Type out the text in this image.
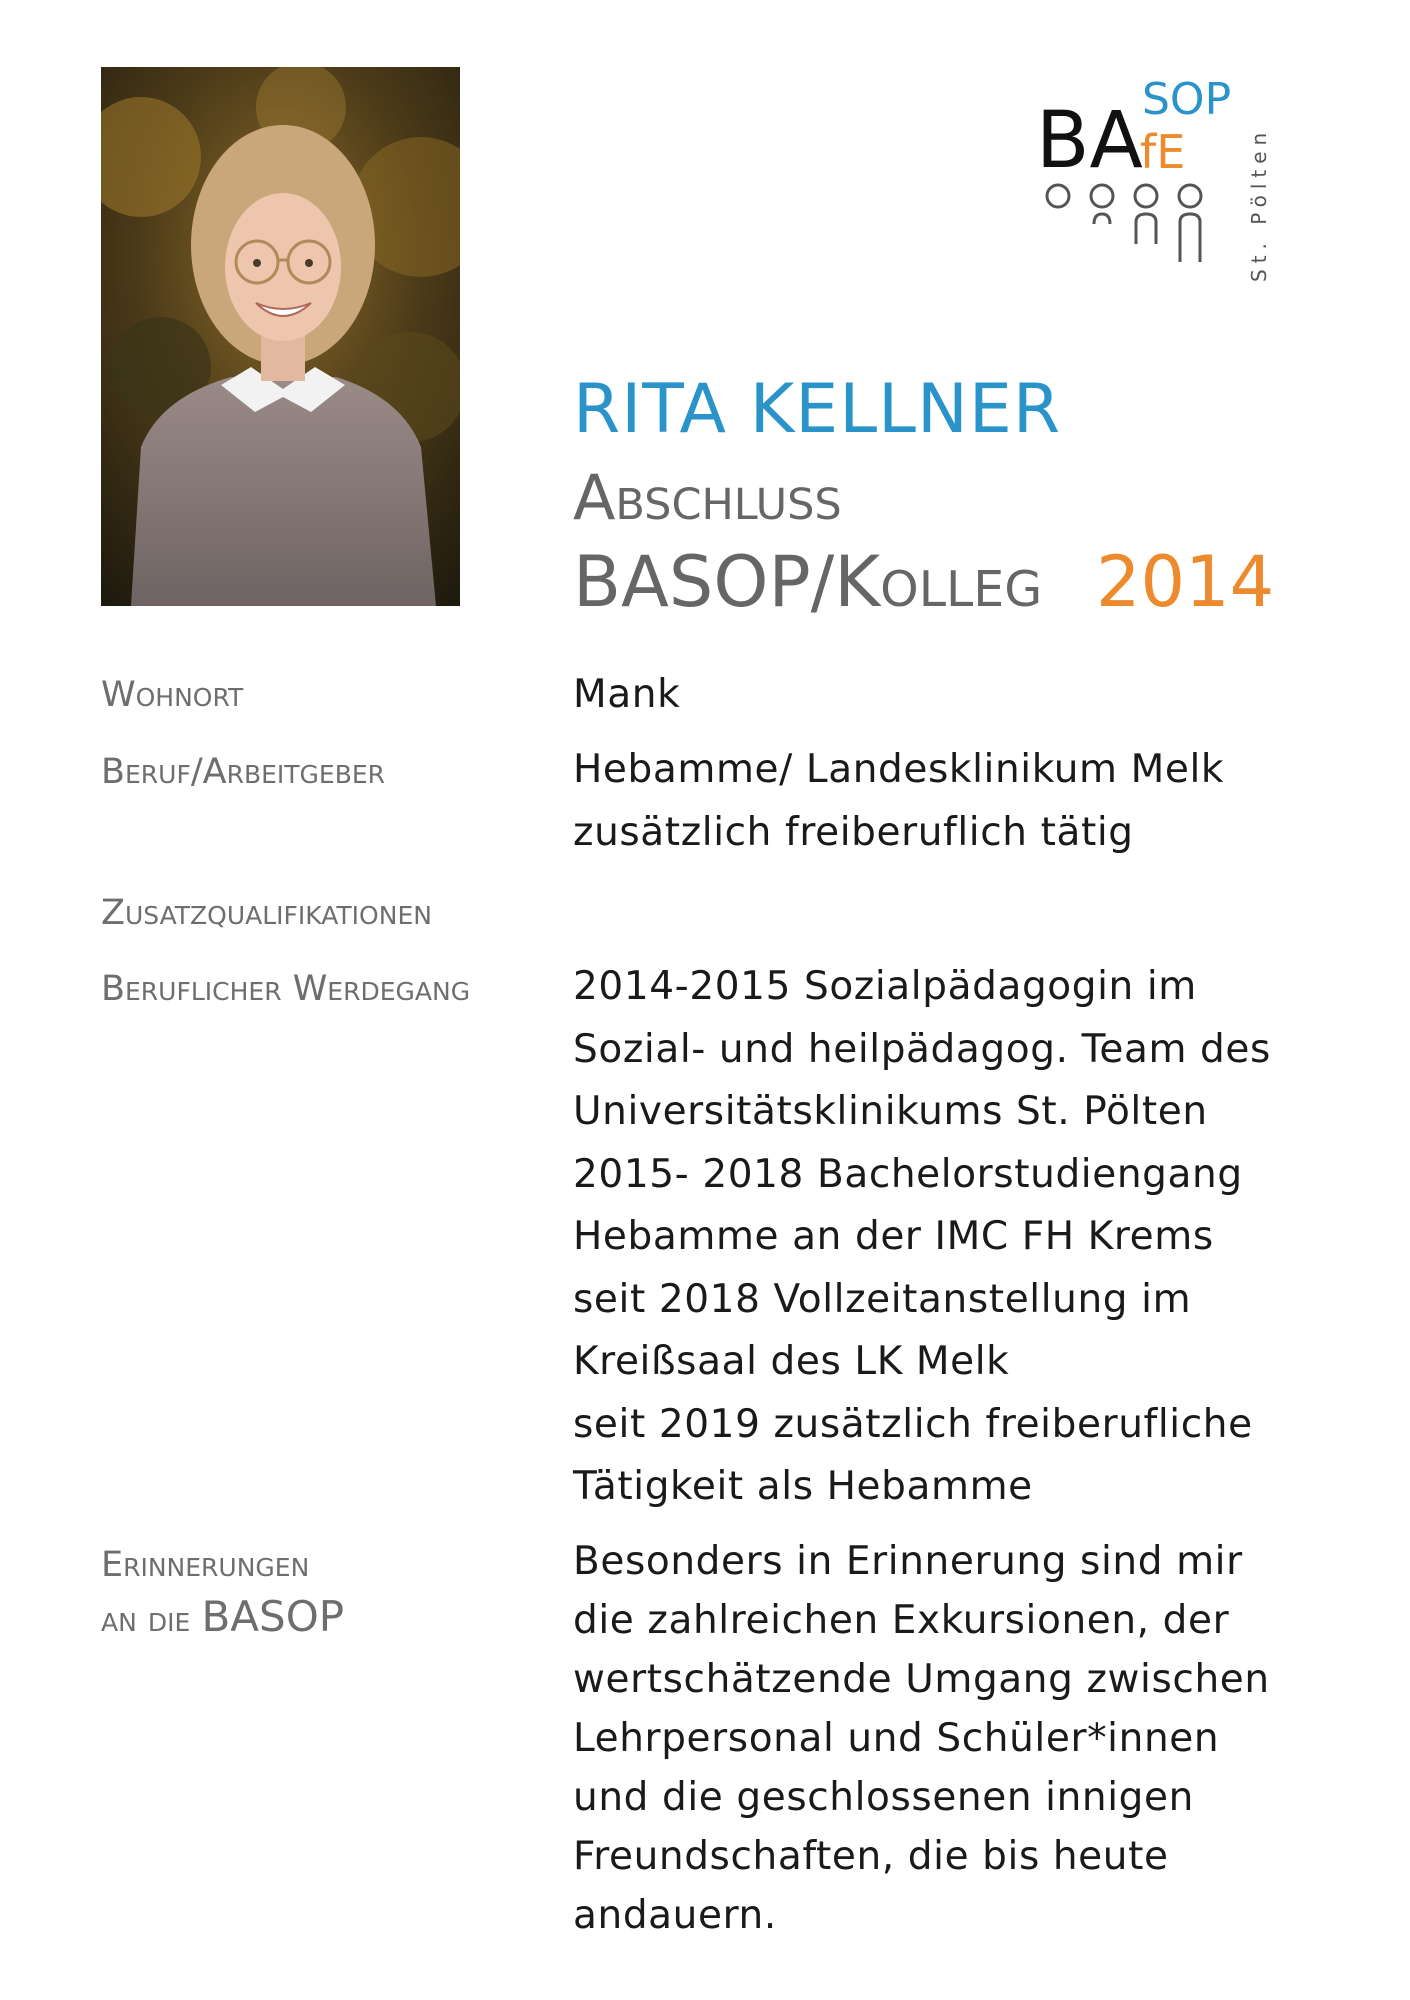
BA SOP
fE	St. Pölten
RITA KELLNER
Abschluss
BASOP/Kolleg 2014
Wohnort
Beruf/Arbeitgeber
Zusatzqualifikationen
Beruflicher Werdegang
Erinnerungen
an die BASOP
Mank
Hebamme/ Landesklinikum Melk
zusätzlich freiberuflich tätig
2014-2015 Sozialpädagogin im
Sozial- und heilpädagog. Team des
Universitätsklinikums St. Pölten
2015- 2018 Bachelorstudiengang
Hebamme an der IMC FH Krems
seit 2018 Vollzeitanstellung im
Kreißsaal des LK Melk
seit 2019 zusätzlich freiberufliche
Tätigkeit als Hebamme
Besonders in Erinnerung sind mir
die zahlreichen Exkursionen, der
wertschätzende Umgang zwischen
Lehrpersonal und Schüler*innen
und die geschlossenen innigen
Freundschaften, die bis heute
andauern.
